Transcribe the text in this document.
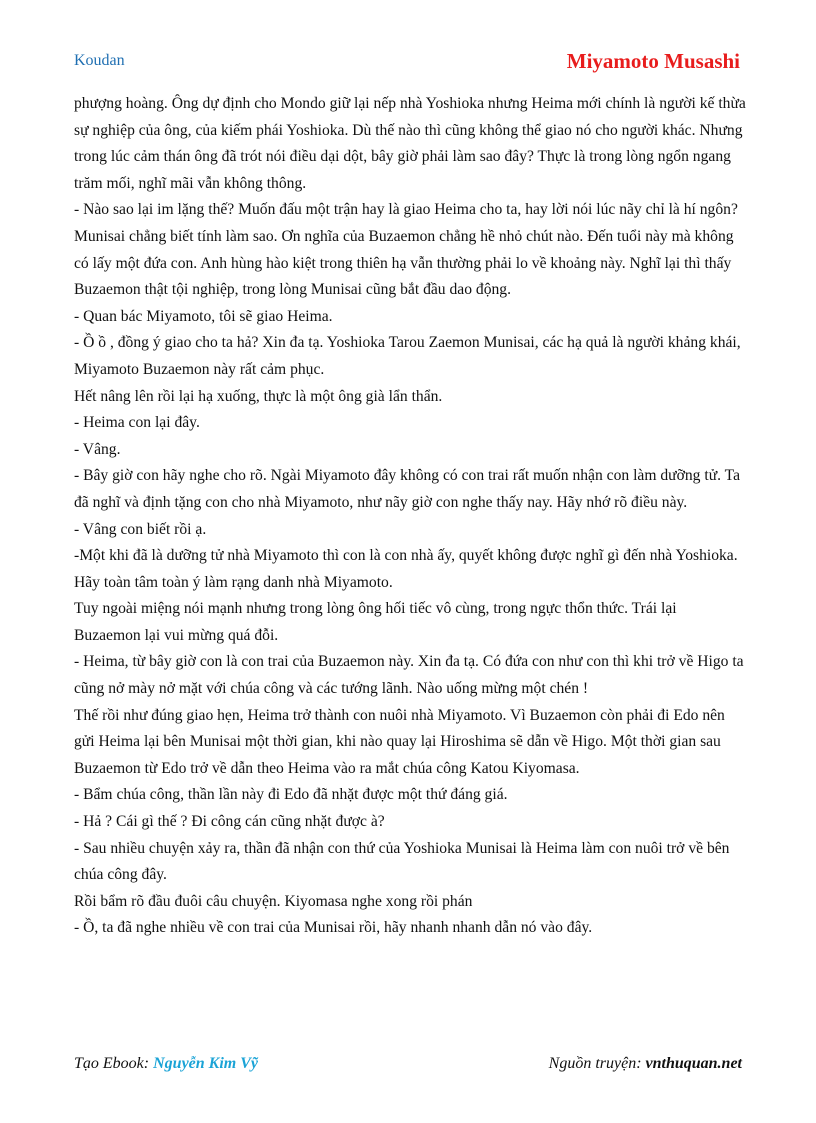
Koudan	Miyamoto Musashi

phượng hoàng. Ông dự định cho Mondo giữ lại nếp nhà Yoshioka nhưng Heima mới chính là người kế thừa sự nghiệp của ông, của kiếm phái Yoshioka. Dù thế nào thì cũng không thể giao nó cho người khác. Nhưng trong lúc cảm thán ông đã trót nói điều dại dột, bây giờ phải làm sao đây? Thực là trong lòng ngổn ngang trăm mối, nghĩ mãi vẫn không thông.

- Nào sao lại im lặng thế? Muốn đấu một trận hay là giao Heima cho ta, hay lời nói lúc nãy chỉ là hí ngôn?

Munisai chẳng biết tính làm sao. Ơn nghĩa của Buzaemon chẳng hề nhỏ chút nào. Đến tuổi này mà không có lấy một đứa con. Anh hùng hào kiệt trong thiên hạ vẫn thường phải lo về khoảng này. Nghĩ lại thì thấy Buzaemon thật tội nghiệp, trong lòng Munisai cũng bắt đầu dao động.

- Quan bác Miyamoto, tôi sẽ giao Heima.

- Ồ ồ , đồng ý giao cho ta hả? Xin đa tạ. Yoshioka Tarou Zaemon Munisai, các hạ quả là người khảng khái, Miyamoto Buzaemon này rất cảm phục.

Hết nâng lên rồi lại hạ xuống, thực là một ông già lẩn thẩn.

- Heima con lại đây.

- Vâng.

- Bây giờ con hãy nghe cho rõ. Ngài Miyamoto đây không có con trai rất muốn nhận con làm dưỡng tử. Ta đã nghĩ và định tặng con cho nhà Miyamoto, như nãy giờ con nghe thấy nay. Hãy nhớ rõ điều này.

- Vâng con biết rồi ạ.

-Một khi đã là dưỡng tử nhà Miyamoto thì con là con nhà ấy, quyết không được nghĩ gì đến nhà Yoshioka. Hãy toàn tâm toàn ý làm rạng danh nhà Miyamoto.

Tuy ngoài miệng nói mạnh nhưng trong lòng ông hối tiếc vô cùng, trong ngực thổn thức. Trái lại Buzaemon lại vui mừng quá đỗi.

- Heima, từ bây giờ con là con trai của Buzaemon này. Xin đa tạ. Có đứa con như con thì khi trở về Higo ta cũng nở mày nở mặt với chúa công và các tướng lãnh. Nào uống mừng một chén !

Thế rồi như đúng giao hẹn, Heima trở thành con nuôi nhà Miyamoto. Vì Buzaemon còn phải đi Edo nên gửi Heima lại bên Munisai một thời gian, khi nào quay lại Hiroshima sẽ dẫn về Higo. Một thời gian sau Buzaemon từ Edo trở về dẫn theo Heima vào ra mắt chúa công Katou Kiyomasa.

- Bẩm chúa công, thần lần này đi Edo đã nhặt được một thứ đáng giá.

- Hả ? Cái gì thế ? Đi công cán cũng nhặt được à?

- Sau nhiều chuyện xảy ra, thần đã nhận con thứ của Yoshioka Munisai là Heima làm con nuôi trở về bên chúa công đây.

Rồi bẩm rõ đầu đuôi câu chuyện. Kiyomasa nghe xong rồi phán

- Ồ, ta đã nghe nhiều về con trai của Munisai rồi, hãy nhanh nhanh dẫn nó vào đây.

Tạo Ebook: Nguyễn Kim Vỹ	Nguồn truyện: vnthuquan.net
